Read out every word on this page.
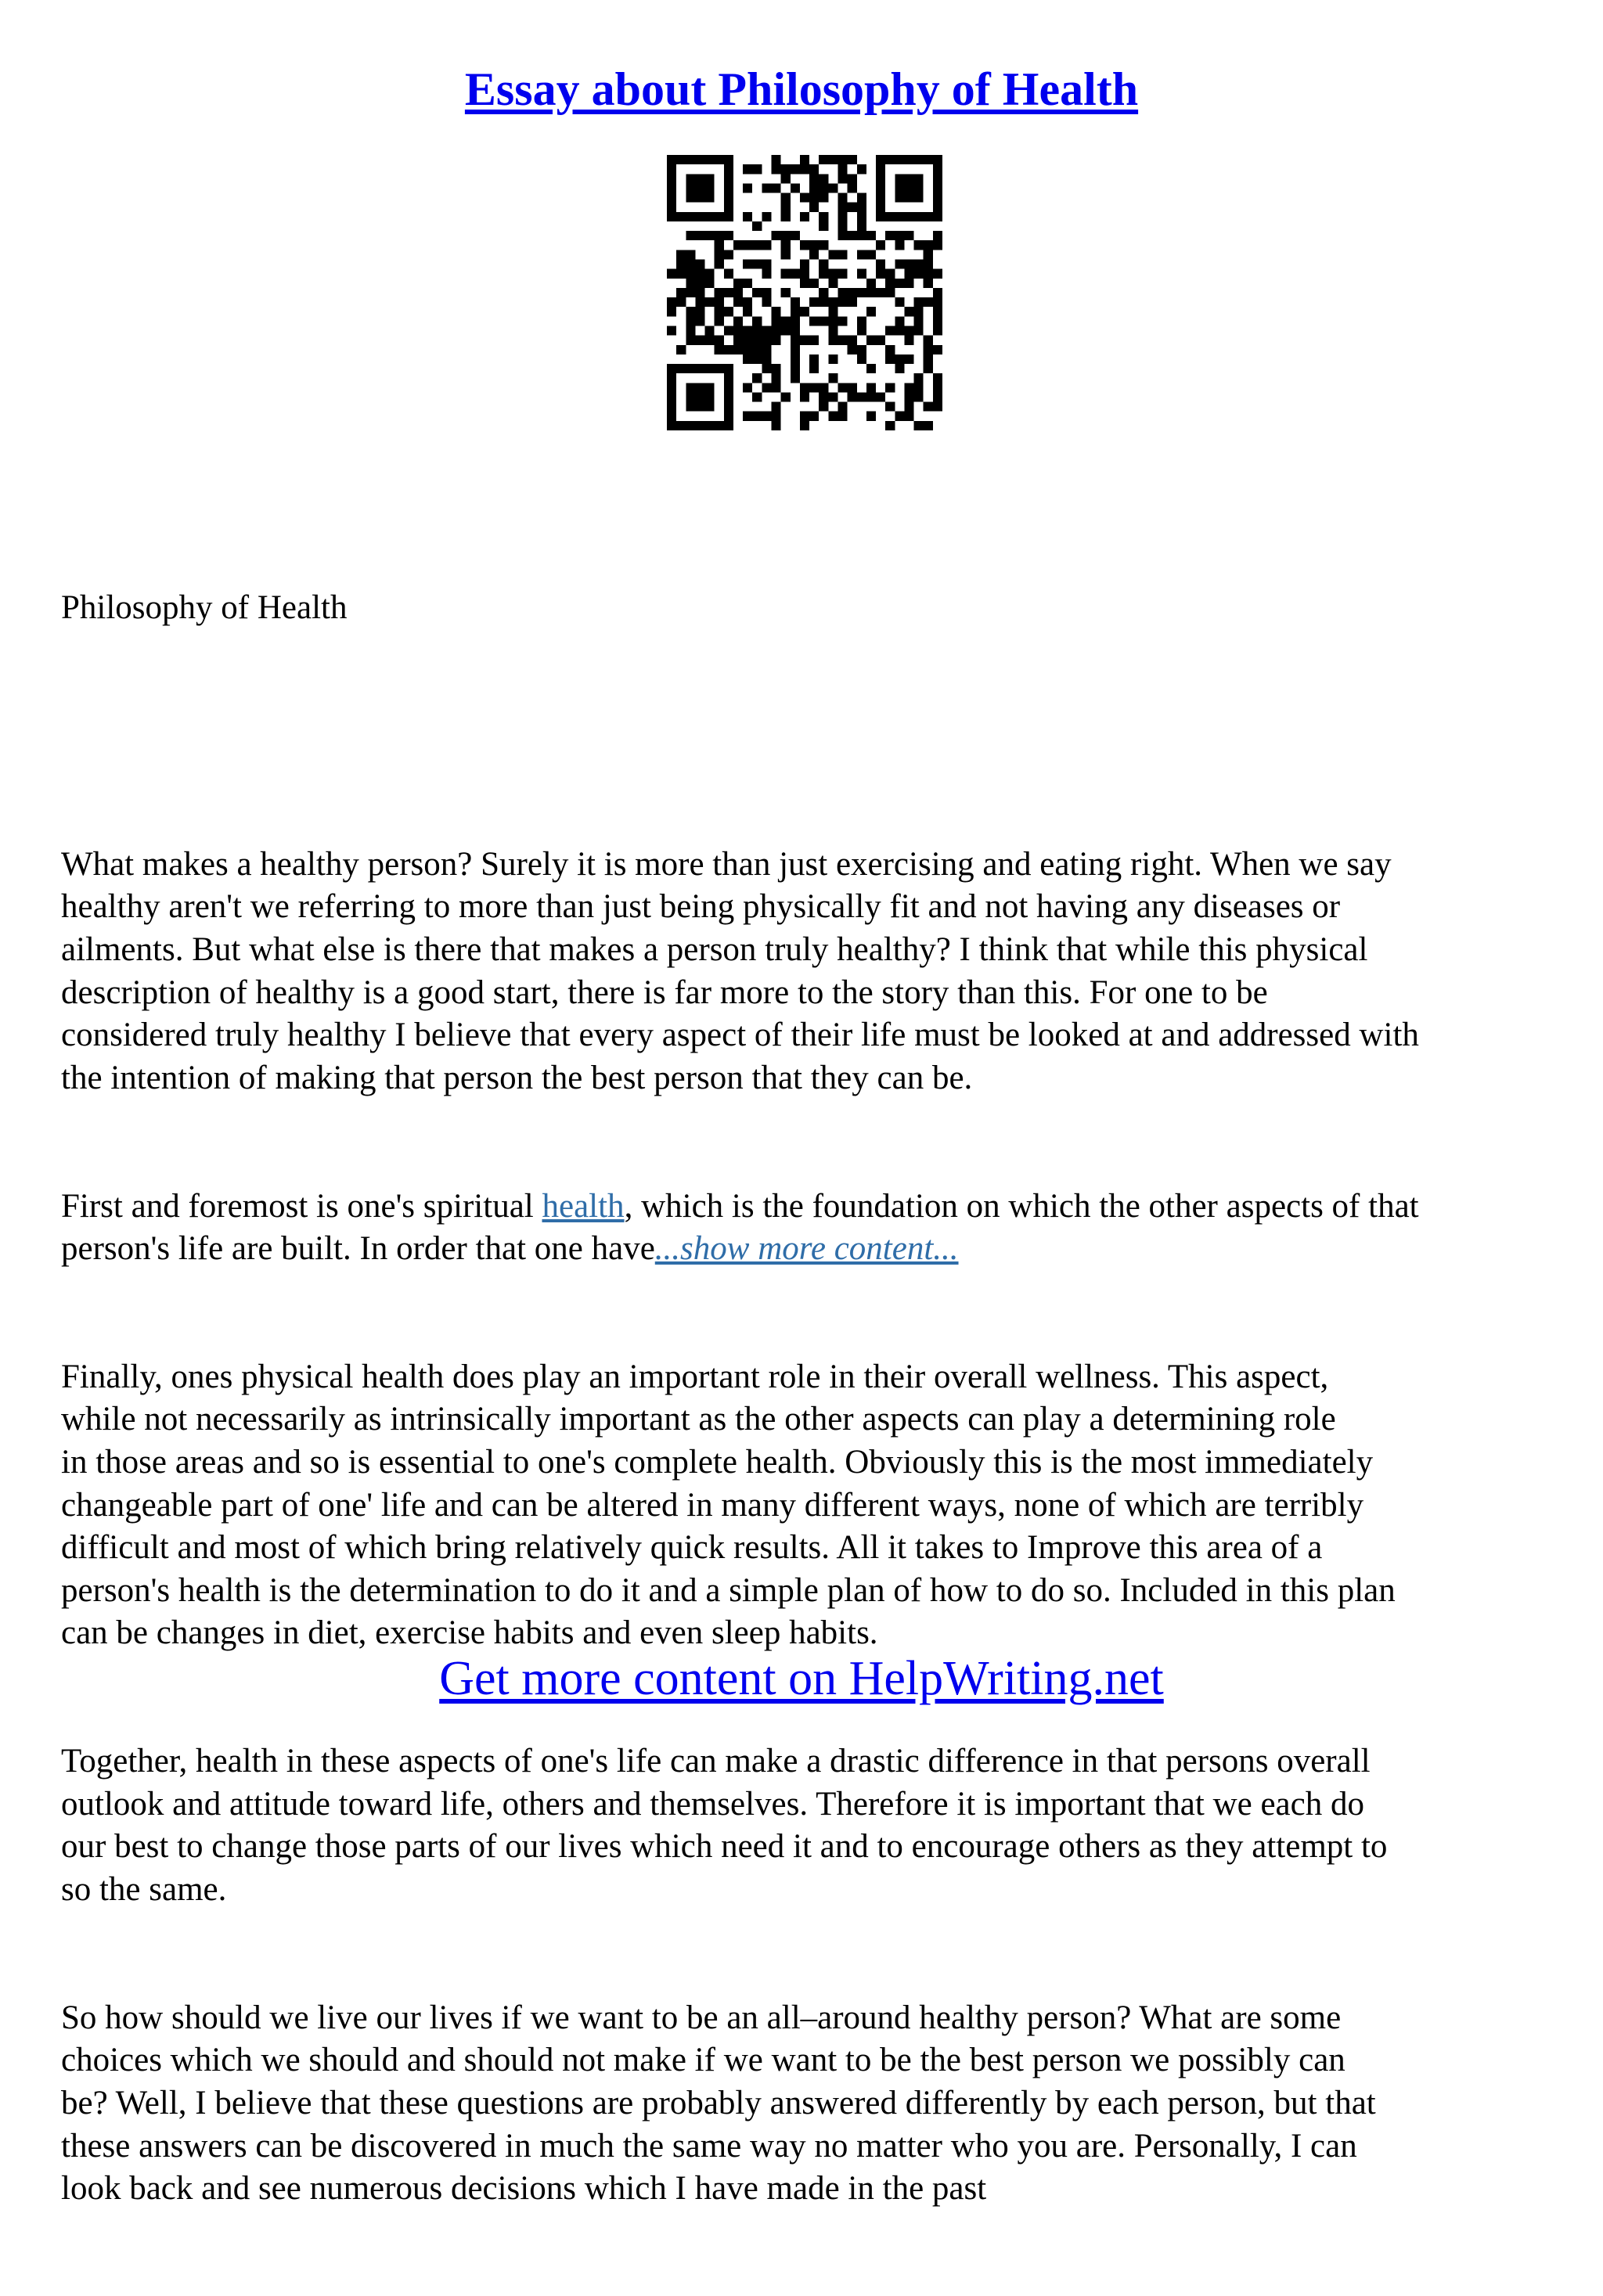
Essay about Philosophy of Health

Philosophy of Health

What makes a healthy person? Surely it is more than just exercising and eating right. When we say
healthy aren't we referring to more than just being physically fit and not having any diseases or
ailments. But what else is there that makes a person truly healthy? I think that while this physical
description of healthy is a good start, there is far more to the story than this. For one to be
considered truly healthy I believe that every aspect of their life must be looked at and addressed with
the intention of making that person the best person that they can be.

First and foremost is one's spiritual health, which is the foundation on which the other aspects of that
person's life are built. In order that one have...show more content...

Finally, ones physical health does play an important role in their overall wellness. This aspect,
while not necessarily as intrinsically important as the other aspects can play a determining role
in those areas and so is essential to one's complete health. Obviously this is the most immediately
changeable part of one' life and can be altered in many different ways, none of which are terribly
difficult and most of which bring relatively quick results. All it takes to Improve this area of a
person's health is the determination to do it and a simple plan of how to do so. Included in this plan
can be changes in diet, exercise habits and even sleep habits.

Together, health in these aspects of one's life can make a drastic difference in that persons overall
outlook and attitude toward life, others and themselves. Therefore it is important that we each do
our best to change those parts of our lives which need it and to encourage others as they attempt to
so the same.

So how should we live our lives if we want to be an all–around healthy person? What are some
choices which we should and should not make if we want to be the best person we possibly can
be? Well, I believe that these questions are probably answered differently by each person, but that
these answers can be discovered in much the same way no matter who you are. Personally, I can
look back and see numerous decisions which I have made in the past

Get more content on HelpWriting.net
